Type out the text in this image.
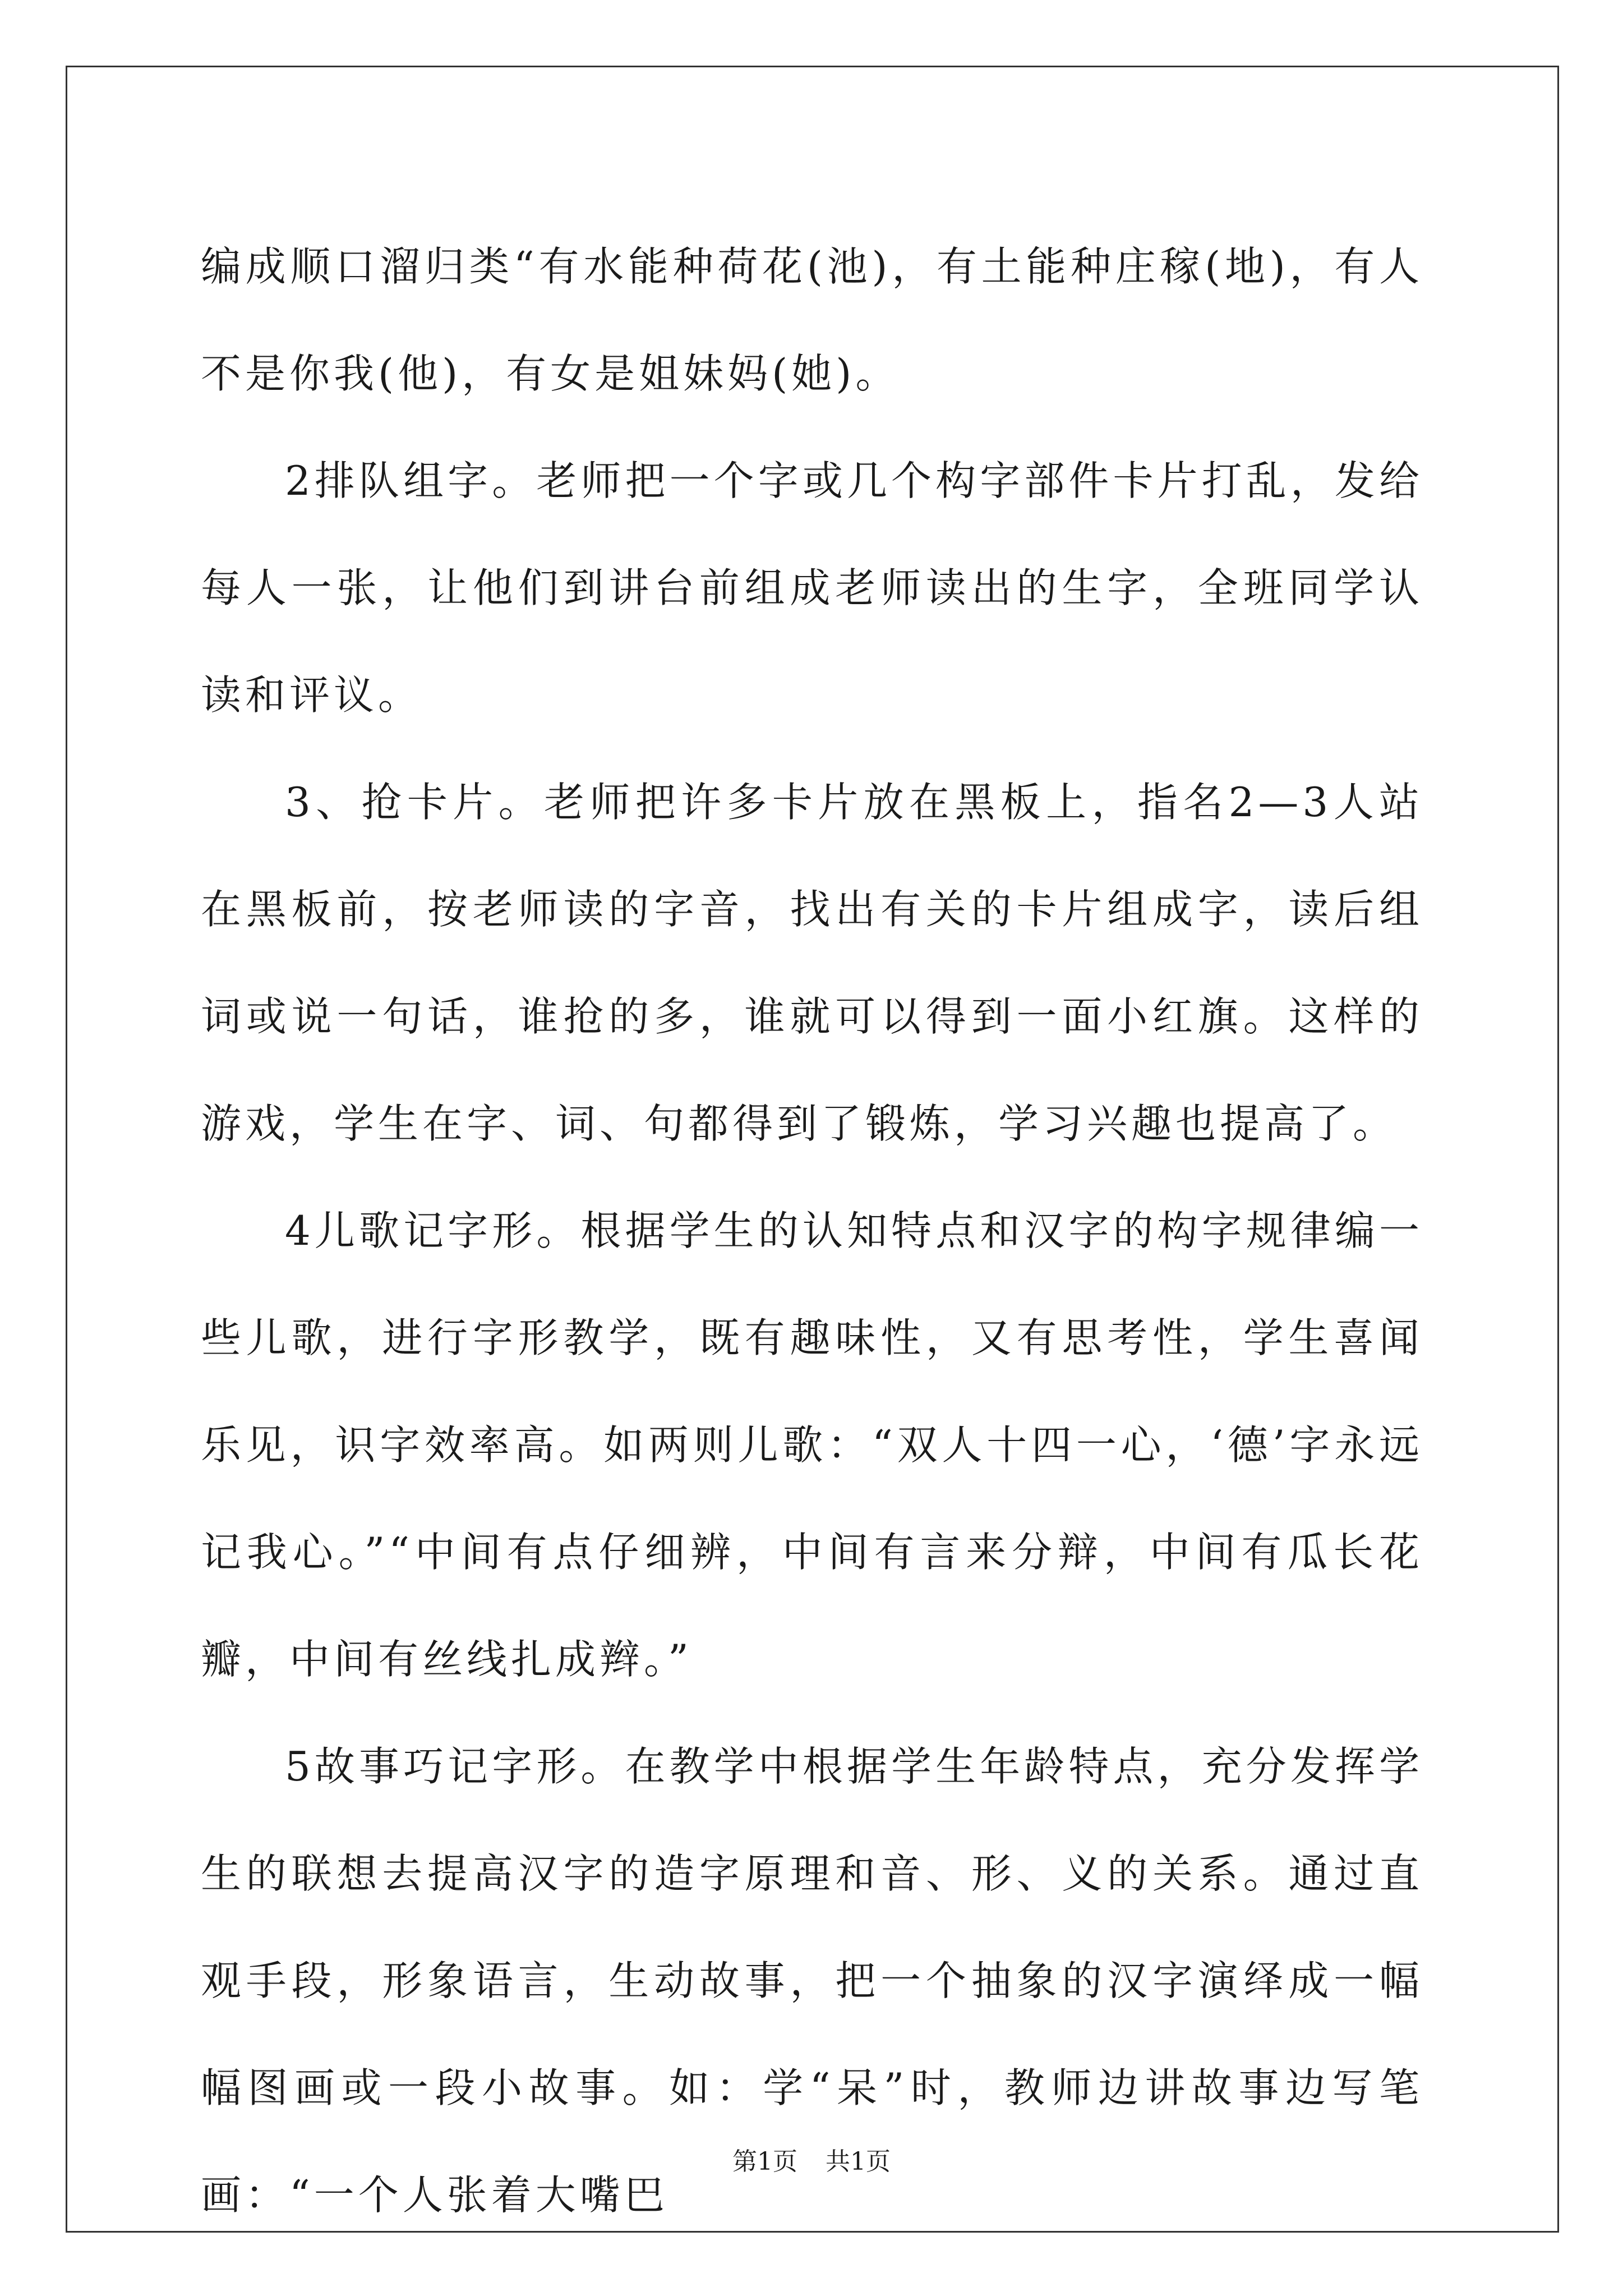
编成顺口溜归类“有水能种荷花(池)，有土能种庄稼(地)，有人不是你我(他)，有女是姐妹妈(她)。

2排队组字。老师把一个字或几个构字部件卡片打乱，发给每人一张，让他们到讲台前组成老师读出的生字，全班同学认读和评议。

3、抢卡片。老师把许多卡片放在黑板上，指名2—3人站在黑板前，按老师读的字音，找出有关的卡片组成字，读后组词或说一句话，谁抢的多，谁就可以得到一面小红旗。这样的游戏，学生在字、词、句都得到了锻炼，学习兴趣也提高了。

4儿歌记字形。根据学生的认知特点和汉字的构字规律编一些儿歌，进行字形教学，既有趣味性，又有思考性，学生喜闻乐见，识字效率高。如两则儿歌：“双人十四一心，‘德’字永远记我心。”“中间有点仔细辨，中间有言来分辩，中间有瓜长花瓣，中间有丝线扎成辫。”

5故事巧记字形。在教学中根据学生年龄特点，充分发挥学生的联想去提高汉字的造字原理和音、形、义的关系。通过直观手段，形象语言，生动故事，把一个抽象的汉字演绎成一幅幅图画或一段小故事。如：学“呆”时，教师边讲故事边写笔画：“一个人张着大嘴巴

第1页 共1页
